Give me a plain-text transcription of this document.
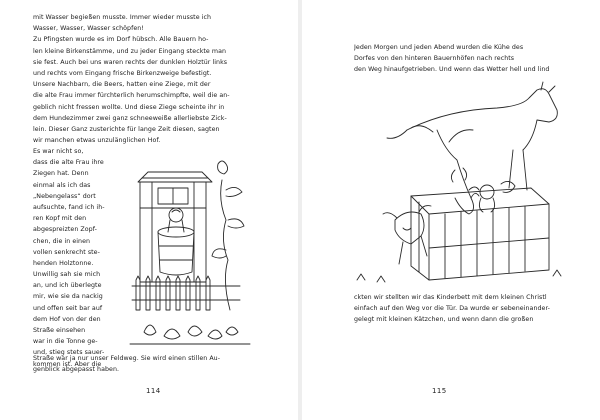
mit Wasser begießen musste. Immer wieder musste ich
Wasser, Wasser, Wasser schöpfen!
Zu Pfingsten wurde es im Dorf hübsch. Alle Bauern ho-
len kleine Birkenstämme, und zu jeder Eingang steckte man
sie fest. Auch bei uns waren rechts der dunklen Holztür links
und rechts vom Eingang frische Birkenzweige befestigt.
Unsere Nachbarn, die Beers, hatten eine Ziege, mit der
die alte Frau immer fürchterlich herumschimpfte, weil die an-
geblich nicht fressen wollte. Und diese Ziege scheinte ihr in
dem Hundezimmer zwei ganz schneeweiße allerliebste Zick-
lein. Dieser Ganz zusterichte für lange Zeit diesen, sagten
wir manchen etwas unzulänglichen Hof.
Es war nicht so,
dass die alte Frau ihre
Ziegen hat. Denn
einmal als ich das
„Nebengelass“ dort
aufsuchte, fand ich ih-
ren Kopf mit den
abgespreizten Zopf-
chen, die in einen
vollen senkrecht ste-
henden Holztonne.
Unwillig sah sie mich
an, und ich überlegte
mir, wie sie da nackig
und offen seit bar auf
dem Hof von der den
Straße einsehen
war in die Tonne ge-
und, stieg stets sauer-
kommen ist. Aber die
Straße war ja nur unser Feldweg. Sie wird einen stillen Au-
genblick abgepasst haben.
114
Jeden Morgen und jeden Abend wurden die Kühe des
Dorfes von den hinteren Bauernhöfen nach rechts
den Weg hinaufgetrieben. Und wenn das Wetter hell und lind
ckten wir stellten wir das Kinderbett mit dem kleinen Christl
einfach auf den Weg vor die Tür. Da wurde er sebeneinander-
gelegt mit kleinen Kätzchen, und wenn dann die großen
115
